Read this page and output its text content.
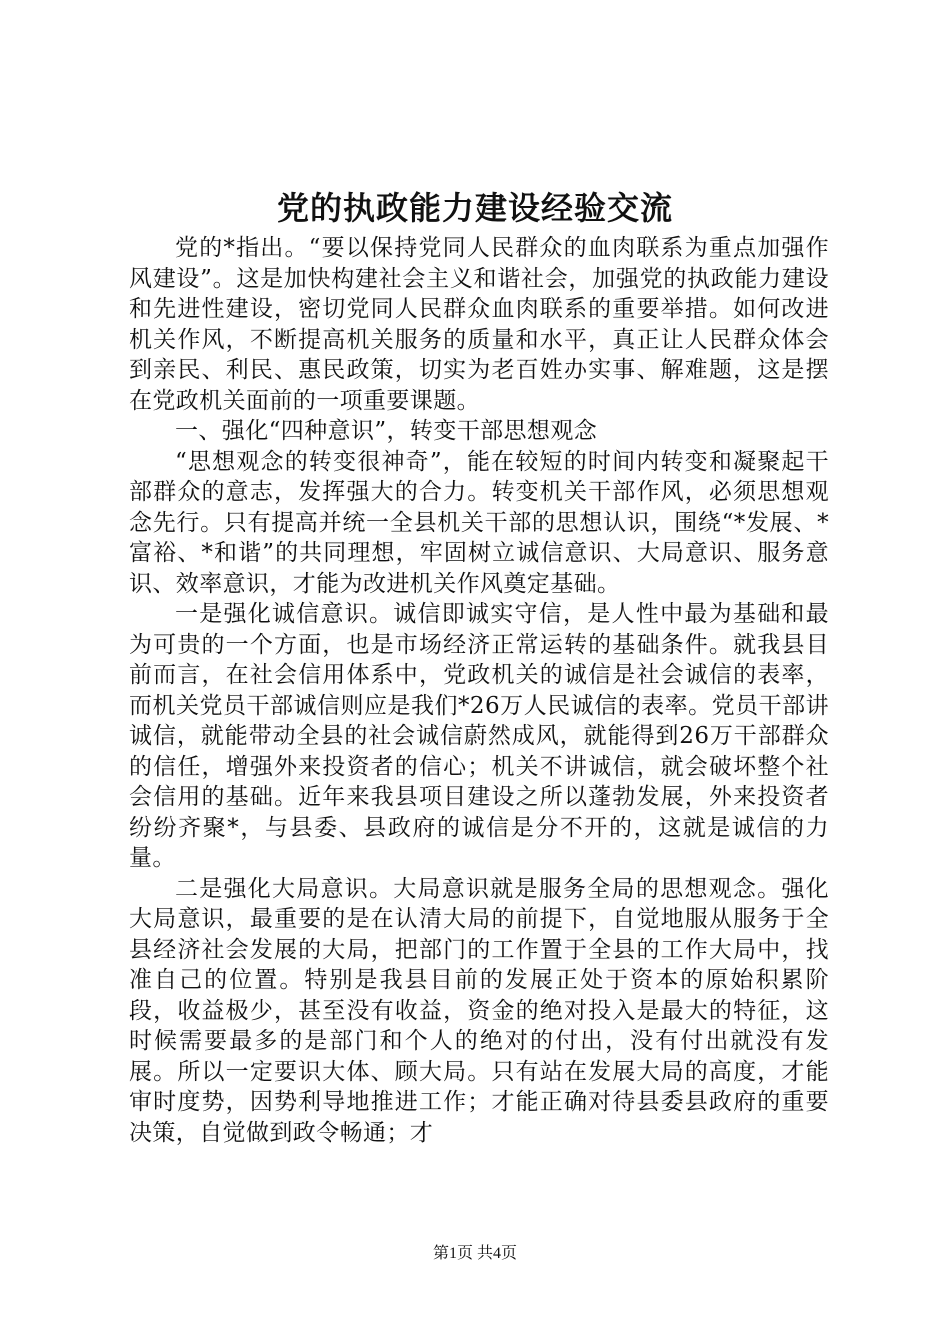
党的执政能力建设经验交流

党的*指出。“要以保持党同人民群众的血肉联系为重点加强作风建设”。这是加快构建社会主义和谐社会，加强党的执政能力建设和先进性建设，密切党同人民群众血肉联系的重要举措。如何改进机关作风，不断提高机关服务的质量和水平，真正让人民群众体会到亲民、利民、惠民政策，切实为老百姓办实事、解难题，这是摆在党政机关面前的一项重要课题。

一、强化“四种意识”，转变干部思想观念

“思想观念的转变很神奇”，能在较短的时间内转变和凝聚起干部群众的意志，发挥强大的合力。转变机关干部作风，必须思想观念先行。只有提高并统一全县机关干部的思想认识，围绕“*发展、*富裕、*和谐”的共同理想，牢固树立诚信意识、大局意识、服务意识、效率意识，才能为改进机关作风奠定基础。

一是强化诚信意识。诚信即诚实守信，是人性中最为基础和最为可贵的一个方面，也是市场经济正常运转的基础条件。就我县目前而言，在社会信用体系中，党政机关的诚信是社会诚信的表率，而机关党员干部诚信则应是我们*26万人民诚信的表率。党员干部讲诚信，就能带动全县的社会诚信蔚然成风，就能得到26万干部群众的信任，增强外来投资者的信心；机关不讲诚信，就会破坏整个社会信用的基础。近年来我县项目建设之所以蓬勃发展，外来投资者纷纷齐聚*，与县委、县政府的诚信是分不开的，这就是诚信的力量。

二是强化大局意识。大局意识就是服务全局的思想观念。强化大局意识，最重要的是在认清大局的前提下，自觉地服从服务于全县经济社会发展的大局，把部门的工作置于全县的工作大局中，找准自己的位置。特别是我县目前的发展正处于资本的原始积累阶段，收益极少，甚至没有收益，资金的绝对投入是最大的特征，这时候需要最多的是部门和个人的绝对的付出，没有付出就没有发展。所以一定要识大体、顾大局。只有站在发展大局的高度，才能审时度势，因势利导地推进工作；才能正确对待县委县政府的重要决策，自觉做到政令畅通；才

第1页 共4页
